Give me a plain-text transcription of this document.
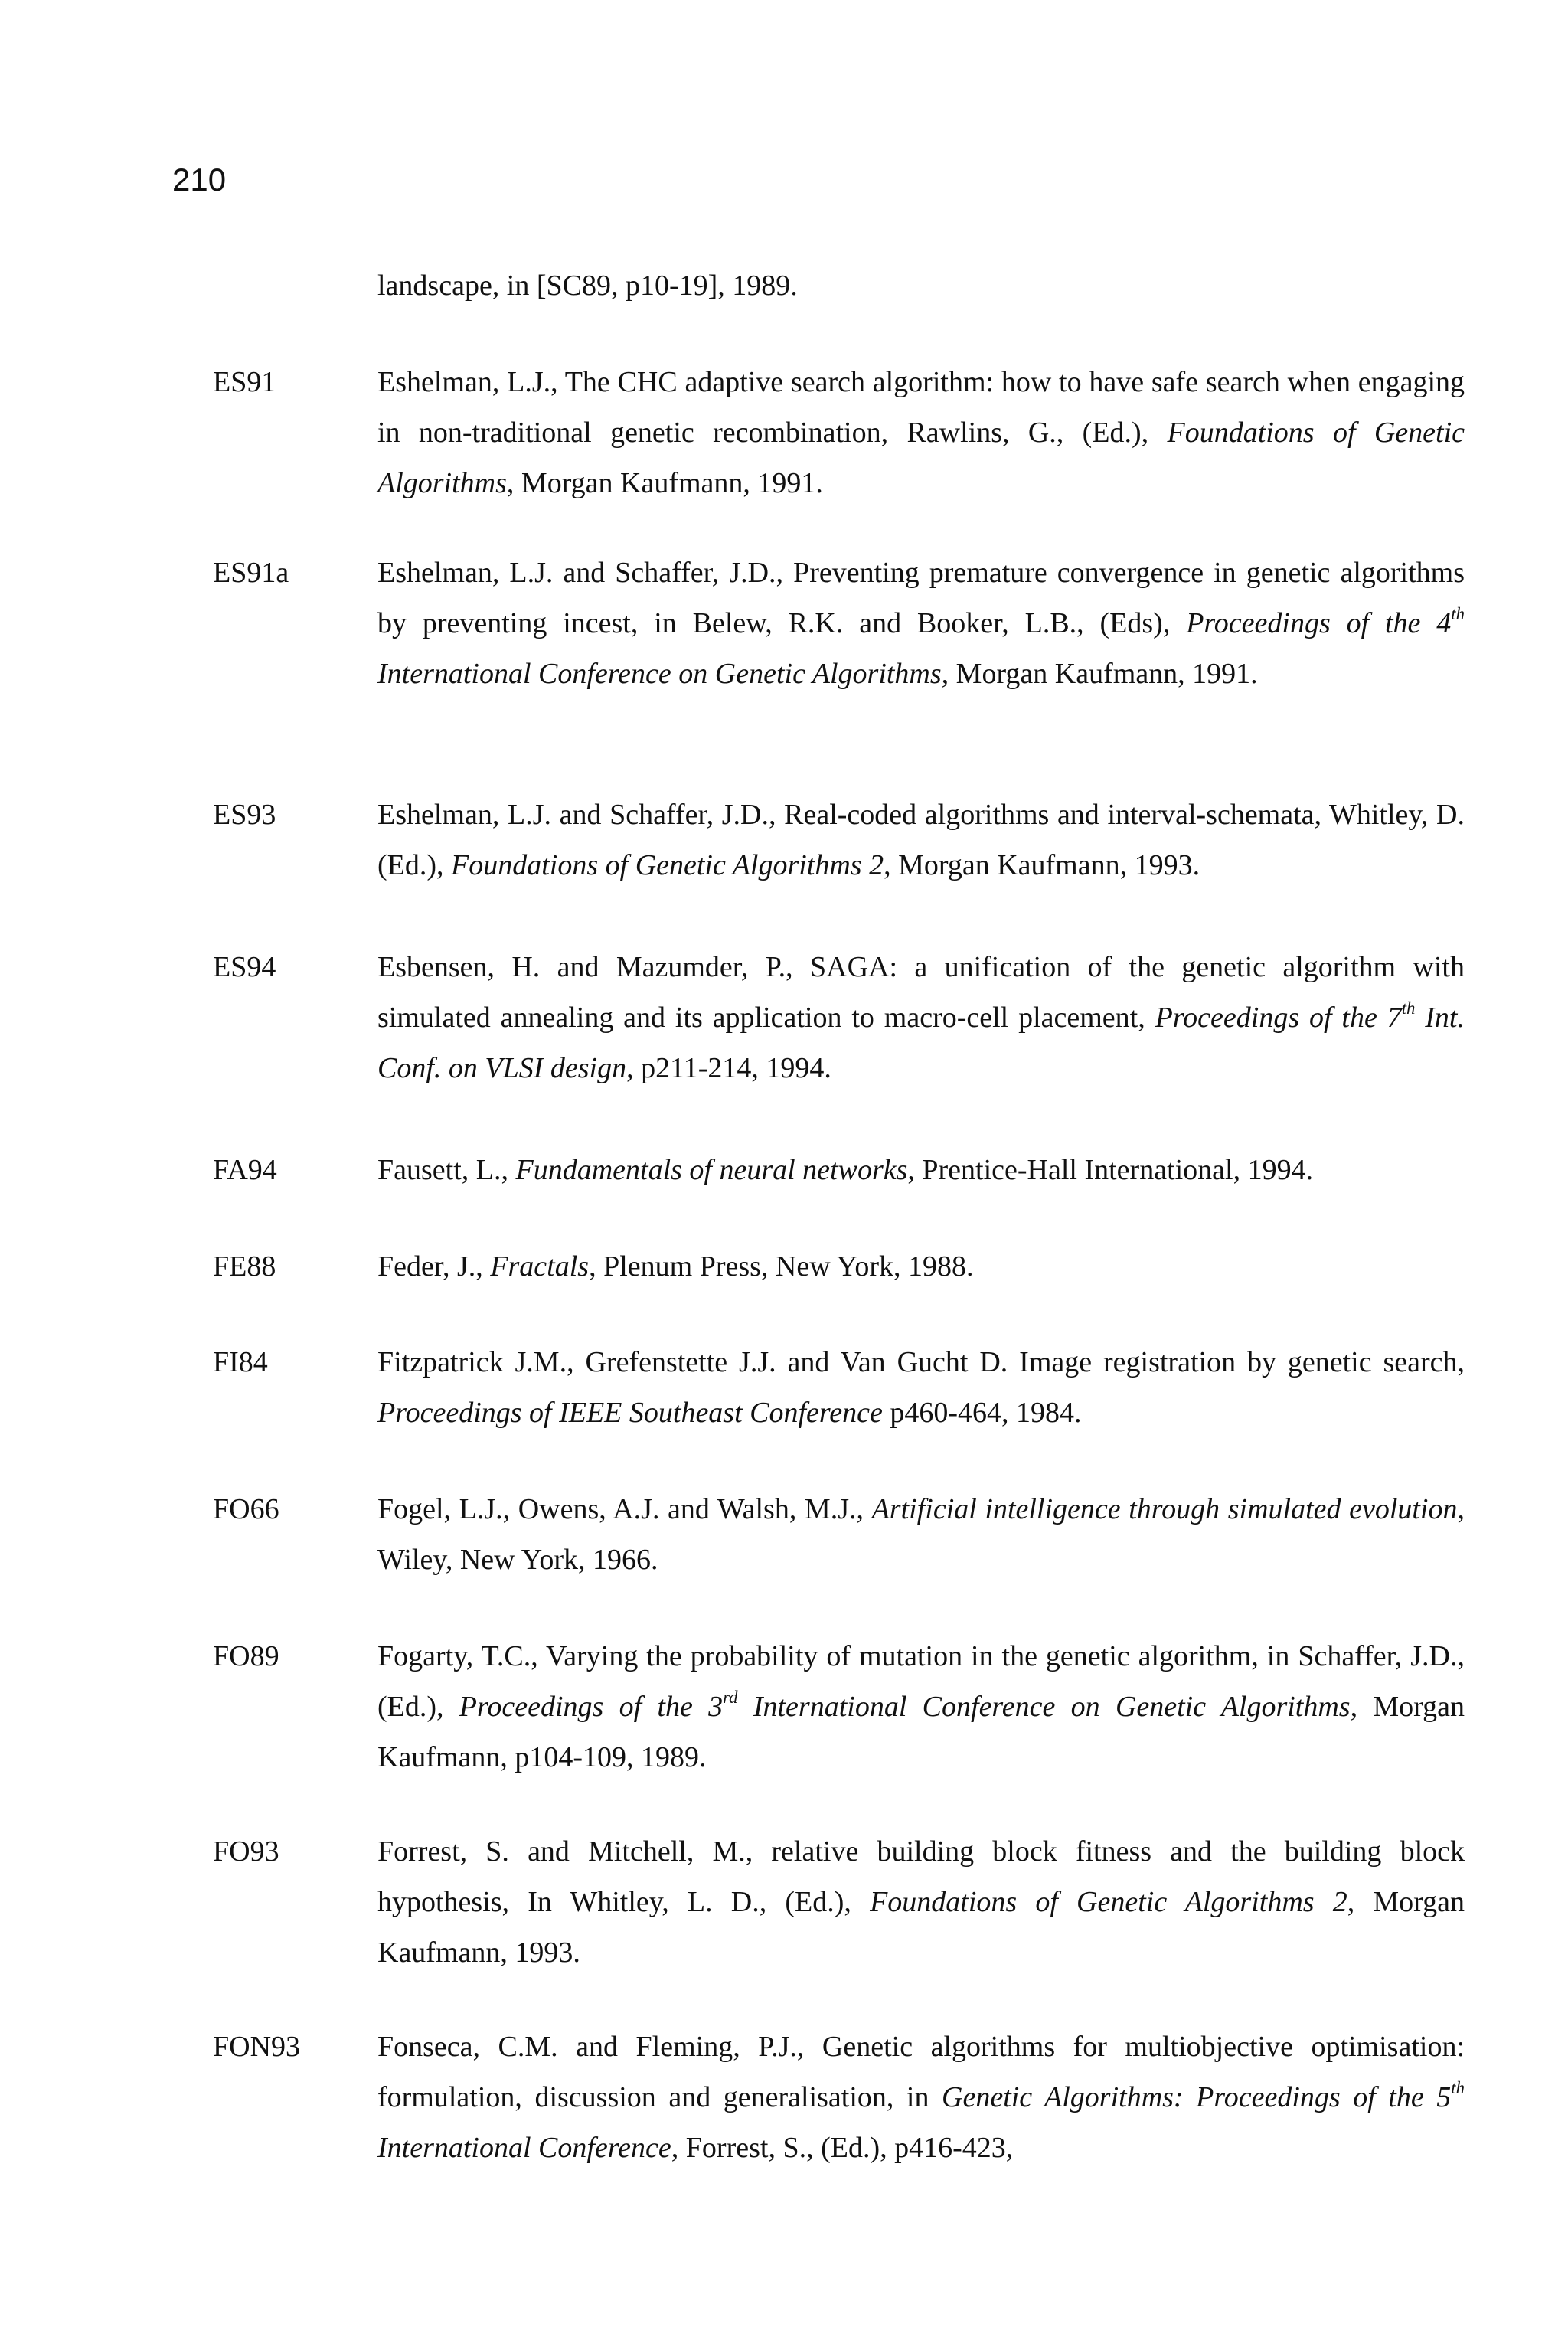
210
landscape, in [SC89, p10-19], 1989.
ES91	Eshelman, L.J., The CHC adaptive search algorithm: how to have safe search when engaging in non-traditional genetic recombination, Rawlins, G., (Ed.), Foundations of Genetic Algorithms, Morgan Kaufmann, 1991.
ES91a	Eshelman, L.J. and Schaffer, J.D., Preventing premature convergence in genetic algorithms by preventing incest, in Belew, R.K. and Booker, L.B., (Eds), Proceedings of the 4th International Conference on Genetic Algorithms, Morgan Kaufmann, 1991.
ES93	Eshelman, L.J. and Schaffer, J.D., Real-coded algorithms and interval-schemata, Whitley, D. (Ed.), Foundations of Genetic Algorithms 2, Morgan Kaufmann, 1993.
ES94	Esbensen, H. and Mazumder, P., SAGA: a unification of the genetic algorithm with simulated annealing and its application to macro-cell placement, Proceedings of the 7th Int. Conf. on VLSI design, p211-214, 1994.
FA94	Fausett, L., Fundamentals of neural networks, Prentice-Hall International, 1994.
FE88	Feder, J., Fractals, Plenum Press, New York, 1988.
FI84	Fitzpatrick J.M., Grefenstette J.J. and Van Gucht D. Image registration by genetic search, Proceedings of IEEE Southeast Conference p460-464, 1984.
FO66	Fogel, L.J., Owens, A.J. and Walsh, M.J., Artificial intelligence through simulated evolution, Wiley, New York, 1966.
FO89	Fogarty, T.C., Varying the probability of mutation in the genetic algorithm, in Schaffer, J.D., (Ed.), Proceedings of the 3rd International Conference on Genetic Algorithms, Morgan Kaufmann, p104-109, 1989.
FO93	Forrest, S. and Mitchell, M., relative building block fitness and the building block hypothesis, In Whitley, L. D., (Ed.), Foundations of Genetic Algorithms 2, Morgan Kaufmann, 1993.
FON93	Fonseca, C.M. and Fleming, P.J., Genetic algorithms for multiobjective optimisation: formulation, discussion and generalisation, in Genetic Algorithms: Proceedings of the 5th International Conference, Forrest, S., (Ed.), p416-423,
